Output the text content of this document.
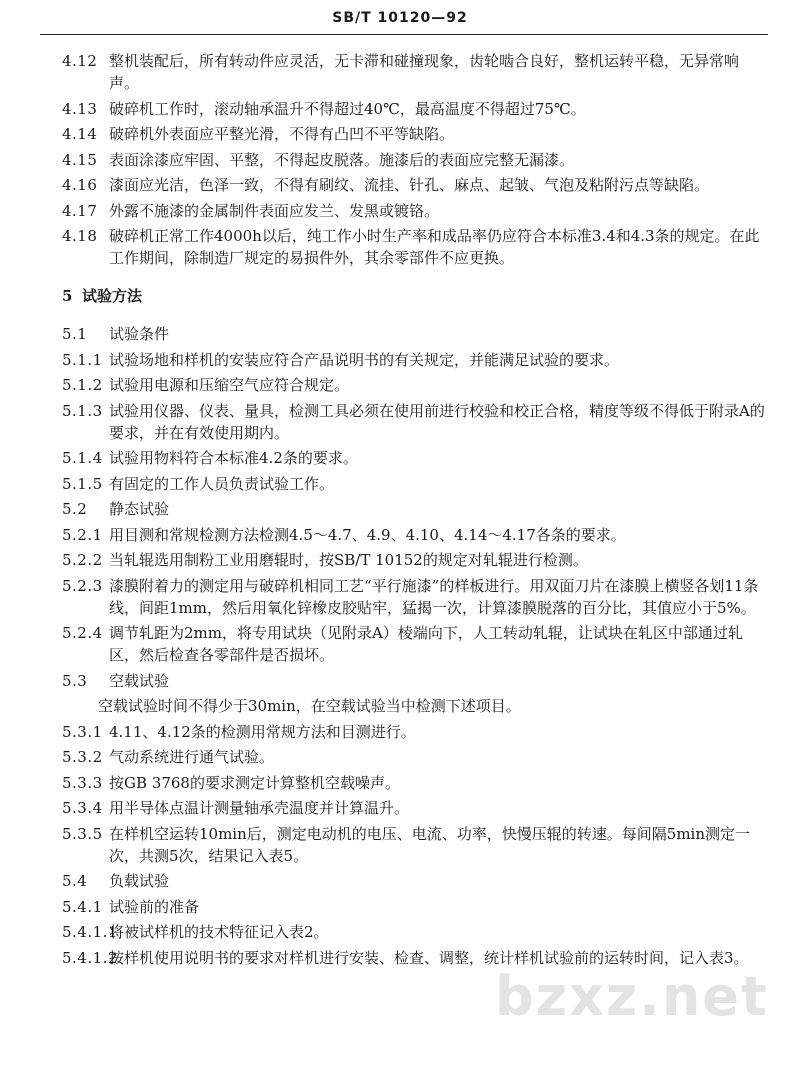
SB/T 10120—92
4.12 整机装配后，所有转动件应灵活，无卡滞和碰撞现象，齿轮啮合良好，整机运转平稳，无异常响声。
4.13 破碎机工作时，滚动轴承温升不得超过40℃，最高温度不得超过75℃。
4.14 破碎机外表面应平整光滑，不得有凸凹不平等缺陷。
4.15 表面涂漆应牢固、平整，不得起皮脱落。施漆后的表面应完整无漏漆。
4.16 漆面应光洁，色泽一致，不得有刷纹、流挂、针孔、麻点、起皱、气泡及粘附污点等缺陷。
4.17 外露不施漆的金属制件表面应发兰、发黑或镀铬。
4.18 破碎机正常工作4000h以后，纯工作小时生产率和成品率仍应符合本标准3.4和4.3条的规定。在此工作期间，除制造厂规定的易损件外，其余零部件不应更换。
5 试验方法
5.1	试验条件
5.1.1 试验场地和样机的安装应符合产品说明书的有关规定，并能满足试验的要求。
5.1.2 试验用电源和压缩空气应符合规定。
5.1.3 试验用仪器、仪表、量具，检测工具必须在使用前进行校验和校正合格，精度等级不得低于附录A的要求，并在有效使用期内。
5.1.4 试验用物料符合本标准4.2条的要求。
5.1.5 有固定的工作人员负责试验工作。
5.2	静态试验
5.2.1 用目测和常规检测方法检测4.5～4.7、4.9、4.10、4.14～4.17各条的要求。
5.2.2 当轧辊选用制粉工业用磨辊时，按SB/T 10152的规定对轧辊进行检测。
5.2.3 漆膜附着力的测定用与破碎机相同工艺“平行施漆”的样板进行。用双面刀片在漆膜上横竖各划11条线，间距1mm，然后用氧化锌橡皮胶贴牢，猛揭一次，计算漆膜脱落的百分比，其值应小于5%。
5.2.4 调节轧距为2mm，将专用试块（见附录A）棱端向下，人工转动轧辊，让试块在轧区中部通过轧区，然后检查各零部件是否损坏。
5.3	空载试验
空载试验时间不得少于30min，在空载试验当中检测下述项目。
5.3.1 4.11、4.12条的检测用常规方法和目测进行。
5.3.2 气动系统进行通气试验。
5.3.3 按GB 3768的要求测定计算整机空载噪声。
5.3.4 用半导体点温计测量轴承壳温度并计算温升。
5.3.5 在样机空运转10min后，测定电动机的电压、电流、功率，快慢压辊的转速。每间隔5min测定一次，共测5次，结果记入表5。
5.4	负载试验
5.4.1 试验前的准备
5.4.1.1
将被试样机的技术特征记入表2。
5.4.1.2
按样机使用说明书的要求对样机进行安装、检查、调整，统计样机试验前的运转时间，记入表3。
bzxz.net
